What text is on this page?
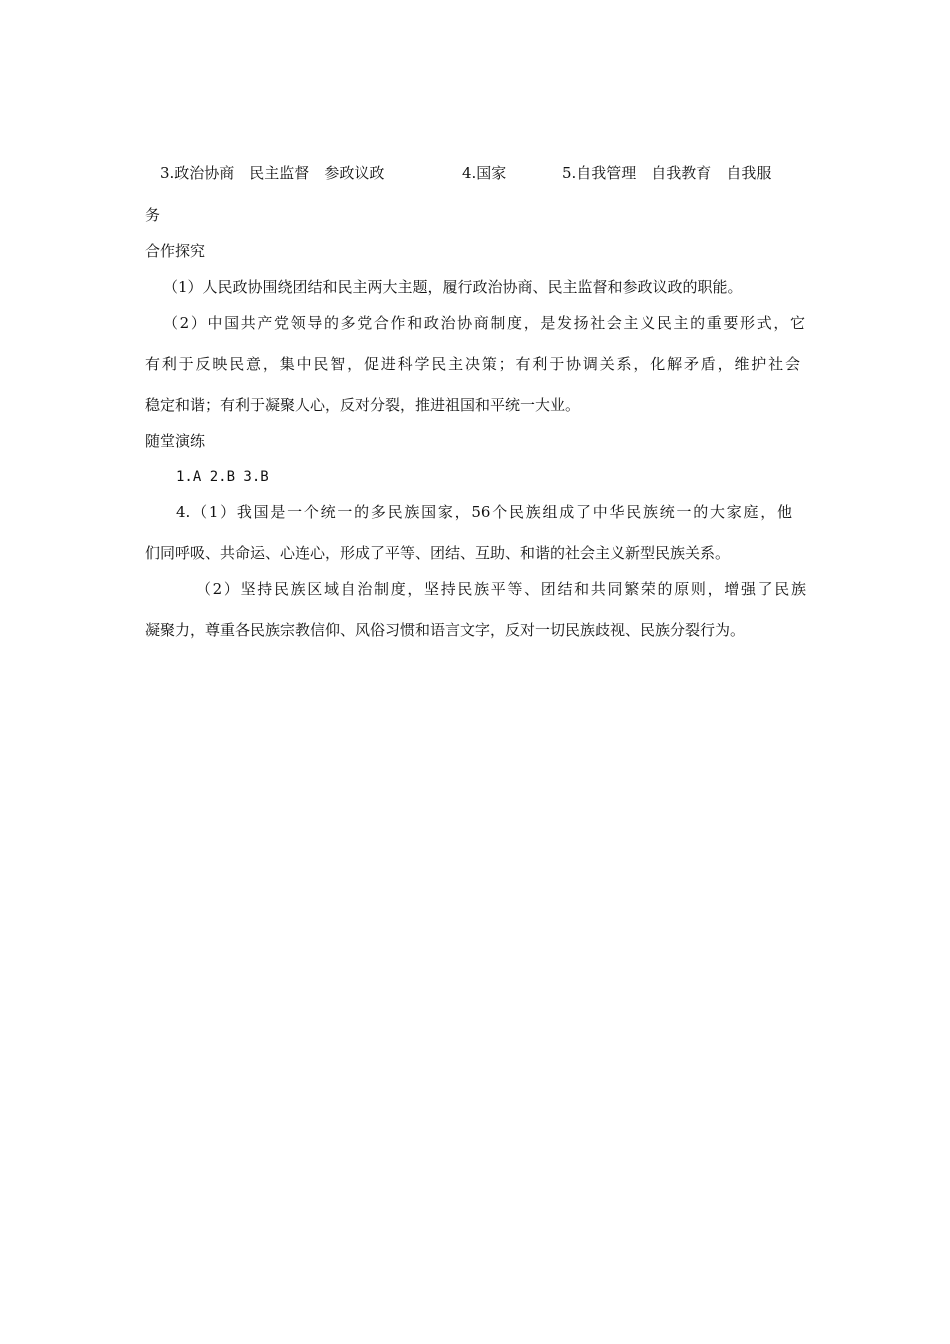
3.政治协商　民主监督　参政议政	4.国家	5.自我管理　自我教育　自我服
务
合作探究
（1）人民政协围绕团结和民主两大主题，履行政治协商、民主监督和参政议政的职能。
（2）中国共产党领导的多党合作和政治协商制度，是发扬社会主义民主的重要形式，它
有利于反映民意，集中民智，促进科学民主决策；有利于协调关系，化解矛盾，维护社会
稳定和谐；有利于凝聚人心，反对分裂，推进祖国和平统一大业。
随堂演练
1.A 2.B 3.B
4.（1）我国是一个统一的多民族国家，56个民族组成了中华民族统一的大家庭，他
们同呼吸、共命运、心连心，形成了平等、团结、互助、和谐的社会主义新型民族关系。
（2）坚持民族区域自治制度，坚持民族平等、团结和共同繁荣的原则，增强了民族
凝聚力，尊重各民族宗教信仰、风俗习惯和语言文字，反对一切民族歧视、民族分裂行为。
